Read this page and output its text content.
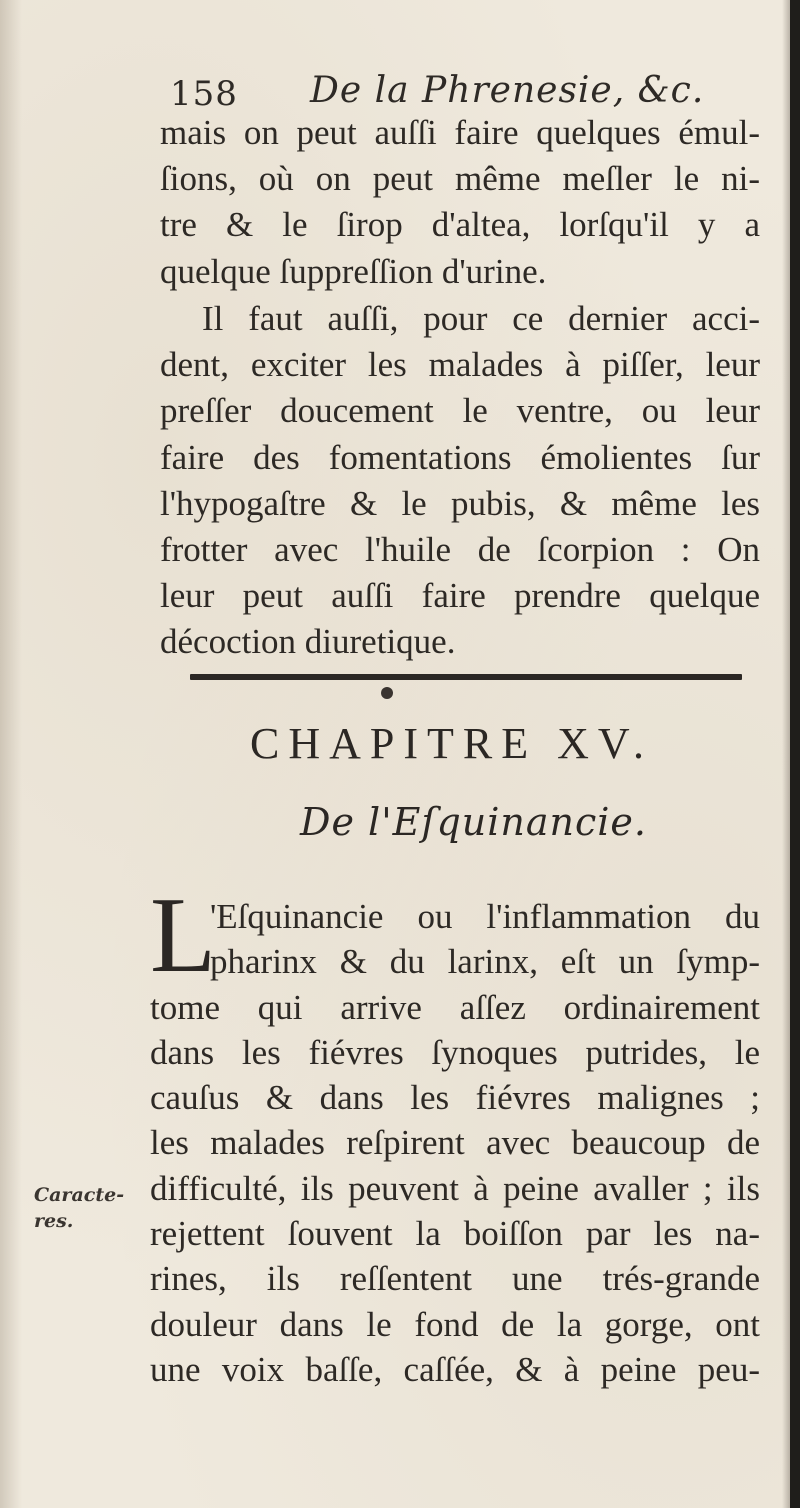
158 De la Phrenesie, &c.

mais on peut auſſi faire quelques émul-

ſions, où on peut même meſler le ni-

tre & le ſirop d'altea, lorſqu'il y a

quelque ſuppreſſion d'urine.

Il faut auſſi, pour ce dernier acci-

dent, exciter les malades à piſſer, leur

preſſer doucement le ventre, ou leur

faire des fomentations émolientes ſur

l'hypogaſtre & le pubis, & même les

frotter avec l'huile de ſcorpion : On

leur peut auſſi faire prendre quelque

décoction diuretique.

CHAPITRE XV.
De l'Eſquinancie.
L

'Eſquinancie ou l'inflammation du

pharinx & du larinx, eſt un ſymp-

tome qui arrive aſſez ordinairement

dans les fiévres ſynoques putrides, le

cauſus & dans les fiévres malignes ;

les malades reſpirent avec beaucoup de

difficulté, ils peuvent à peine avaller ; ils

rejettent ſouvent la boiſſon par les na-

rines, ils reſſentent une trés-grande

douleur dans le fond de la gorge, ont

une voix baſſe, caſſée, & à peine peu-

Caracte-
res.
